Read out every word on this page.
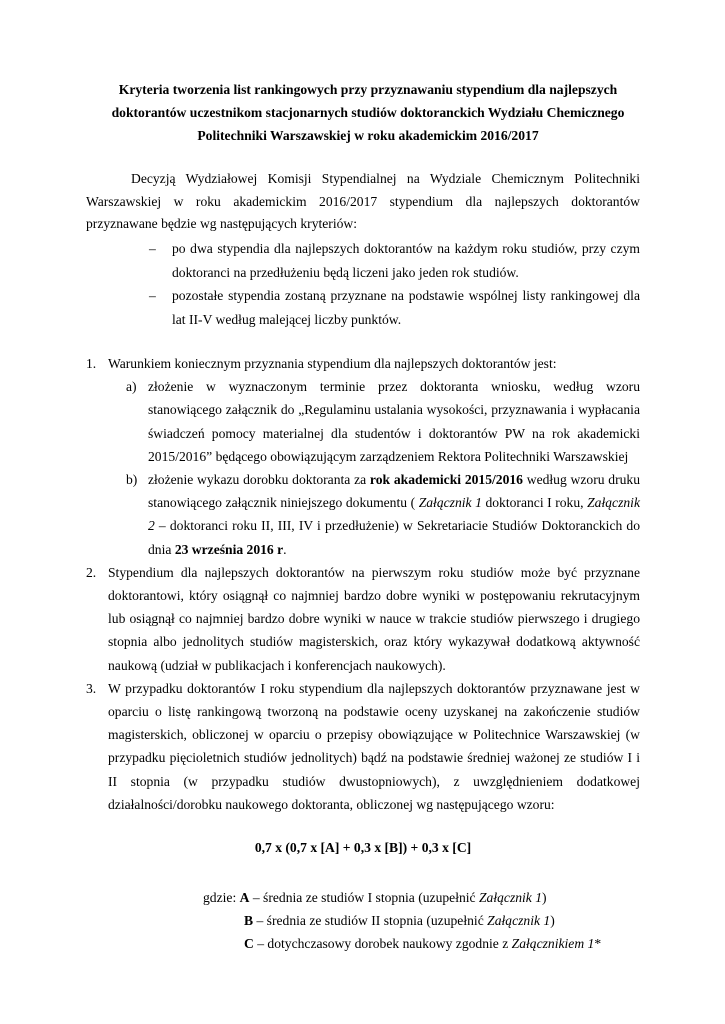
Kryteria tworzenia list rankingowych przy przyznawaniu stypendium dla najlepszych
doktorantów uczestnikom stacjonarnych studiów doktoranckich Wydziału Chemicznego
Politechniki Warszawskiej w roku akademickim 2016/2017

Decyzją Wydziałowej Komisji Stypendialnej na Wydziale Chemicznym Politechniki Warszawskiej w roku akademickim 2016/2017 stypendium dla najlepszych doktorantów przyznawane będzie wg następujących kryteriów:

– po dwa stypendia dla najlepszych doktorantów na każdym roku studiów, przy czym doktoranci na przedłużeniu będą liczeni jako jeden rok studiów.
– pozostałe stypendia zostaną przyznane na podstawie wspólnej listy rankingowej dla lat II-V według malejącej liczby punktów.
1. Warunkiem koniecznym przyznania stypendium dla najlepszych doktorantów jest:
a) złożenie w wyznaczonym terminie przez doktoranta wniosku, według wzoru stanowiącego załącznik do „Regulaminu ustalania wysokości, przyznawania i wypłacania świadczeń pomocy materialnej dla studentów i doktorantów PW na rok akademicki 2015/2016” będącego obowiązującym zarządzeniem Rektora Politechniki Warszawskiej
b) złożenie wykazu dorobku doktoranta za rok akademicki 2015/2016 według wzoru druku stanowiącego załącznik niniejszego dokumentu ( Załącznik 1 doktoranci I roku, Załącznik 2 – doktoranci roku II, III, IV i przedłużenie) w Sekretariacie Studiów Doktoranckich do dnia 23 września 2016 r.
2. Stypendium dla najlepszych doktorantów na pierwszym roku studiów może być przyznane doktorantowi, który osiągnął co najmniej bardzo dobre wyniki w postępowaniu rekrutacyjnym lub osiągnął co najmniej bardzo dobre wyniki w nauce w trakcie studiów pierwszego i drugiego stopnia albo jednolitych studiów magisterskich, oraz który wykazywał dodatkową aktywność naukową (udział w publikacjach i konferencjach naukowych).
3. W przypadku doktorantów I roku stypendium dla najlepszych doktorantów przyznawane jest w oparciu o listę rankingową tworzoną na podstawie oceny uzyskanej na zakończenie studiów magisterskich, obliczonej w oparciu o przepisy obowiązujące w Politechnice Warszawskiej (w przypadku pięcioletnich studiów jednolitych) bądź na podstawie średniej ważonej ze studiów I i II stopnia (w przypadku studiów dwustopniowych), z uwzględnieniem dodatkowej działalności/dorobku naukowego doktoranta, obliczonej wg następującego wzoru:
0,7 x (0,7 x [A] + 0,3 x [B]) + 0,3 x [C]
gdzie: A – średnia ze studiów I stopnia (uzupełnić Załącznik 1)
B – średnia ze studiów II stopnia (uzupełnić Załącznik 1)
C – dotychczasowy dorobek naukowy zgodnie z Załącznikiem 1*
